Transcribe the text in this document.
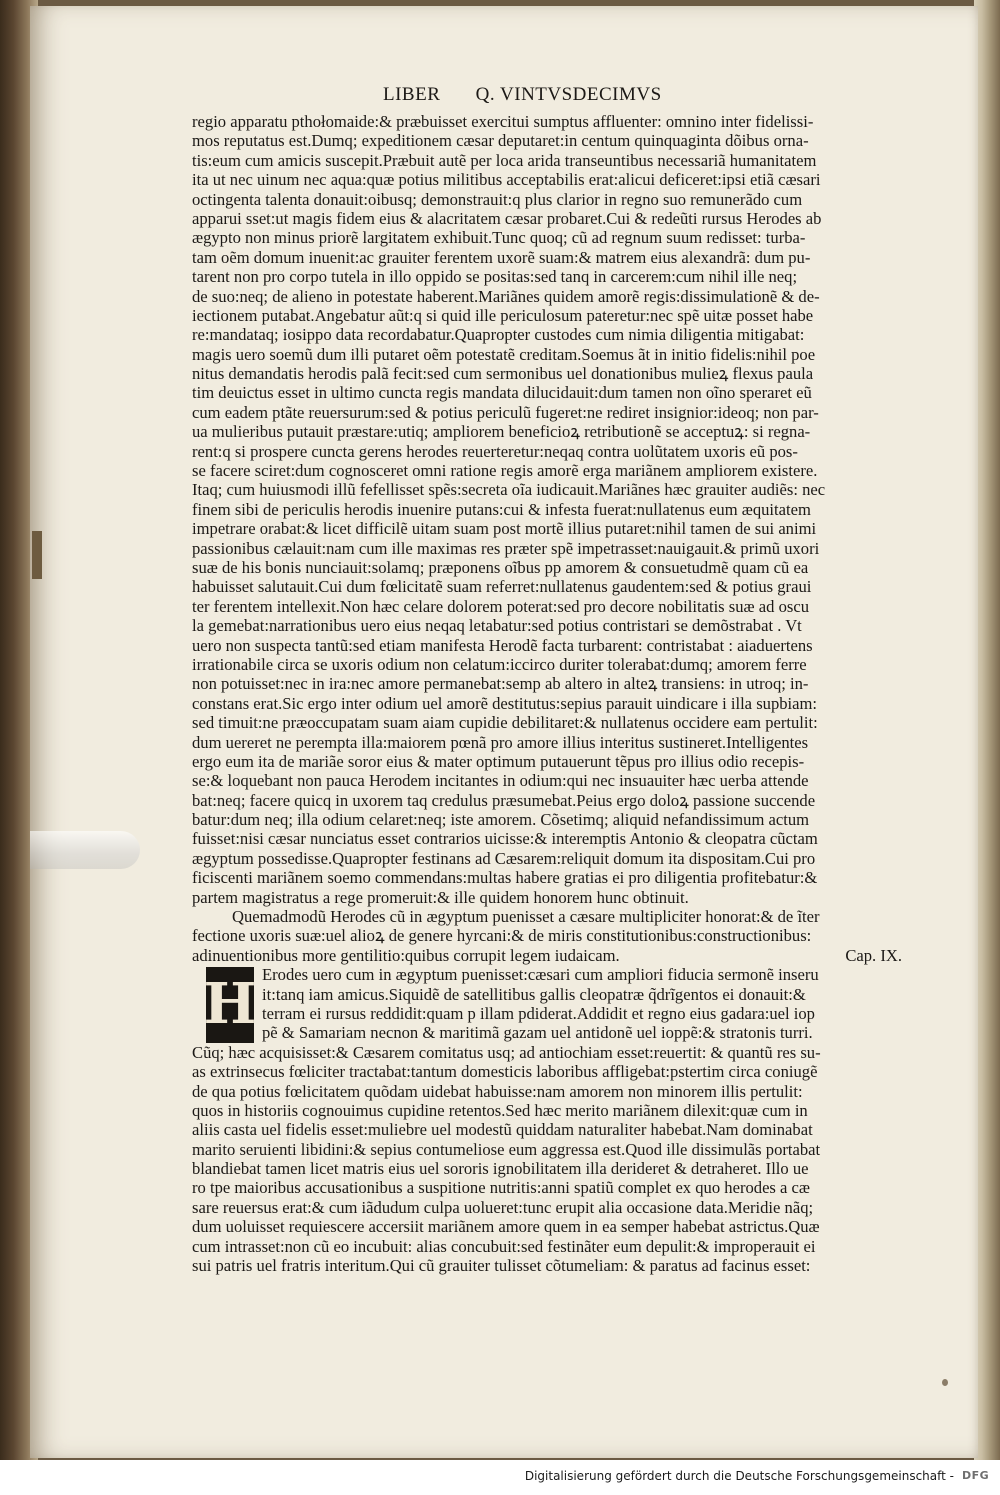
LIBER Q. VINTVSDECIMVS
regio apparatu pthołomaide:& præbuisset exercitui sumptus affluenter: omnino inter fidelissi-
mos reputatus est.Dumq; expeditionem cæsar deputaret:in centum quinquaginta dõibus orna-
tis:eum cum amicis suscepit.Præbuit autẽ per loca arida transeuntibus necessariã humanitatem
ita ut nec uinum nec aqua:quæ potius militibus acceptabilis erat:alicui deficeret:ipsi etiã cæsari
octingenta talenta donauit:oibusq; demonstrauit:q plus clarior in regno suo remunerãdo cum
apparui sset:ut magis fidem eius & alacritatem cæsar probaret.Cui & redeũti rursus Herodes ab
ægypto non minus priorẽ largitatem exhibuit.Tunc quoq; cũ ad regnum suum redisset: turba-
tam oẽm domum inuenit:ac grauiter ferentem uxorẽ suam:& matrem eius alexandrã: dum pu-
tarent non pro corpo tutela in illo oppido se positas:sed tanq in carcerem:cum nihil ille neq;
de suo:neq; de alieno in potestate haberent.Mariãnes quidem amorẽ regis:dissimulationẽ & de-
iectionem putabat.Angebatur aũt:q si quid ille periculosum pateretur:nec spẽ uitæ posset habe
re:mandataq; iosippo data recordabatur.Quapropter custodes cum nimia diligentia mitigabat:
magis uero soemũ dum illi putaret oẽm potestatẽ creditam.Soemus ãt in initio fidelis:nihil poe
nitus demandatis herodis palã fecit:sed cum sermonibus uel donationibus mulieꝝ flexus paula
tim deuictus esset in ultimo cuncta regis mandata dilucidauit:dum tamen non oĩno speraret eũ
cum eadem ptãte reuersurum:sed & potius periculũ fugeret:ne rediret insignior:ideoq; non par-
ua mulieribus putauit præstare:utiq; ampliorem beneficioꝝ retributionẽ se acceptuꝝ: si regna-
rent:q si prospere cuncta gerens herodes reuerteretur:neqaq contra uolũtatem uxoris eũ pos-
se facere sciret:dum cognosceret omni ratione regis amorẽ erga mariãnem ampliorem existere.
Itaq; cum huiusmodi illũ fefellisset spẽs:secreta oĩa iudicauit.Mariãnes hæc grauiter audiẽs: nec
finem sibi de periculis herodis inuenire putans:cui & infesta fuerat:nullatenus eum æquitatem
impetrare orabat:& licet difficilẽ uitam suam post mortẽ illius putaret:nihil tamen de sui animi
passionibus cælauit:nam cum ille maximas res præter spẽ impetrasset:nauigauit.& primũ uxori
suæ de his bonis nunciauit:solamq; præponens oĩbus pp amorem & consuetudmẽ quam cũ ea
habuisset salutauit.Cui dum fœlicitatẽ suam referret:nullatenus gaudentem:sed & potius graui
ter ferentem intellexit.Non hæc celare dolorem poterat:sed pro decore nobilitatis suæ ad oscu
la gemebat:narrationibus uero eius neqaq letabatur:sed potius contristari se demõstrabat . Vt
uero non suspecta tantũ:sed etiam manifesta Herodẽ facta turbarent: contristabat : aiaduertens
irrationabile circa se uxoris odium non celatum:iccirco duriter tolerabat:dumq; amorem ferre
non potuisset:nec in ira:nec amore permanebat:semp ab altero in alteꝝ transiens: in utroq; in-
constans erat.Sic ergo inter odium uel amorẽ destitutus:sepius parauit uindicare i illa supbiam:
sed timuit:ne præoccupatam suam aiam cupidie debilitaret:& nullatenus occidere eam pertulit:
dum uereret ne perempta illa:maiorem pœnã pro amore illius interitus sustineret.Intelligentes
ergo eum ita de mariãe soror eius & mater optimum putauerunt tẽpus pro illius odio recepis-
se:& loquebant non pauca Herodem incitantes in odium:qui nec insuauiter hæc uerba attende
bat:neq; facere quicq in uxorem taq credulus præsumebat.Peius ergo doloꝝ passione succende
batur:dum neq; illa odium celaret:neq; iste amorem. Cõsetimq; aliquid nefandissimum actum
fuisset:nisi cæsar nunciatus esset contrarios uicisse:& interemptis Antonio & cleopatra cũctam
ægyptum possedisse.Quapropter festinans ad Cæsarem:reliquit domum ita dispositam.Cui pro
ficiscenti mariãnem soemo commendans:multas habere gratias ei pro diligentia profitebatur:&
partem magistratus a rege promeruit:& ille quidem honorem hunc obtinuit.
Quemadmodũ Herodes cũ in ægyptum puenisset a cæsare multipliciter honorat:& de ĩter
fectione uxoris suæ:uel alioꝝ de genere hyrcani:& de miris constitutionibus:constructionibus:
adinuentionibus more gentilitio:quibus corrupit legem iudaicam.	Cap. IX.
H Erodes uero cum in ægyptum puenisset:cæsari cum ampliori fiducia sermonẽ inseru
it:tanq iam amicus.Siquidẽ de satellitibus gallis cleopatræ q̃drĩgentos ei donauit:&
terram ei rursus reddidit:quam p illam pdiderat.Addidit et regno eius gadara:uel iop
pẽ & Samariam necnon & maritimã gazam uel antidonẽ uel ioppẽ:& stratonis turri.
Cũq; hæc acquisisset:& Cæsarem comitatus usq; ad antiochiam esset:reuertit: & quantũ res su-
as extrinsecus fœliciter tractabat:tantum domesticis laboribus affligebat:pstertim circa coniugẽ
de qua potius fœlicitatem quõdam uidebat habuisse:nam amorem non minorem illis pertulit:
quos in historiis cognouimus cupidine retentos.Sed hæc merito mariãnem dilexit:quæ cum in
aliis casta uel fidelis esset:muliebre uel modestũ quiddam naturaliter habebat.Nam dominabat
marito seruienti libidini:& sepius contumeliose eum aggressa est.Quod ille dissimulãs portabat
blandiebat tamen licet matris eius uel sororis ignobilitatem illa derideret & detraheret. Illo ue
ro tpe maioribus accusationibus a suspitione nutritis:anni spatiũ complet ex quo herodes a cæ
sare reuersus erat:& cum iãdudum culpa uolueret:tunc erupit alia occasione data.Meridie nãq;
dum uoluisset requiescere accersiit mariãnem amore quem in ea semper habebat astrictus.Quæ
cum intrasset:non cũ eo incubuit: alias concubuit:sed festinãter eum depulit:& improperauit ei
sui patris uel fratris interitum.Qui cũ grauiter tulisset cõtumeliam: & paratus ad facinus esset:
Digitalisierung gefördert durch die Deutsche Forschungsgemeinschaft - DFG
